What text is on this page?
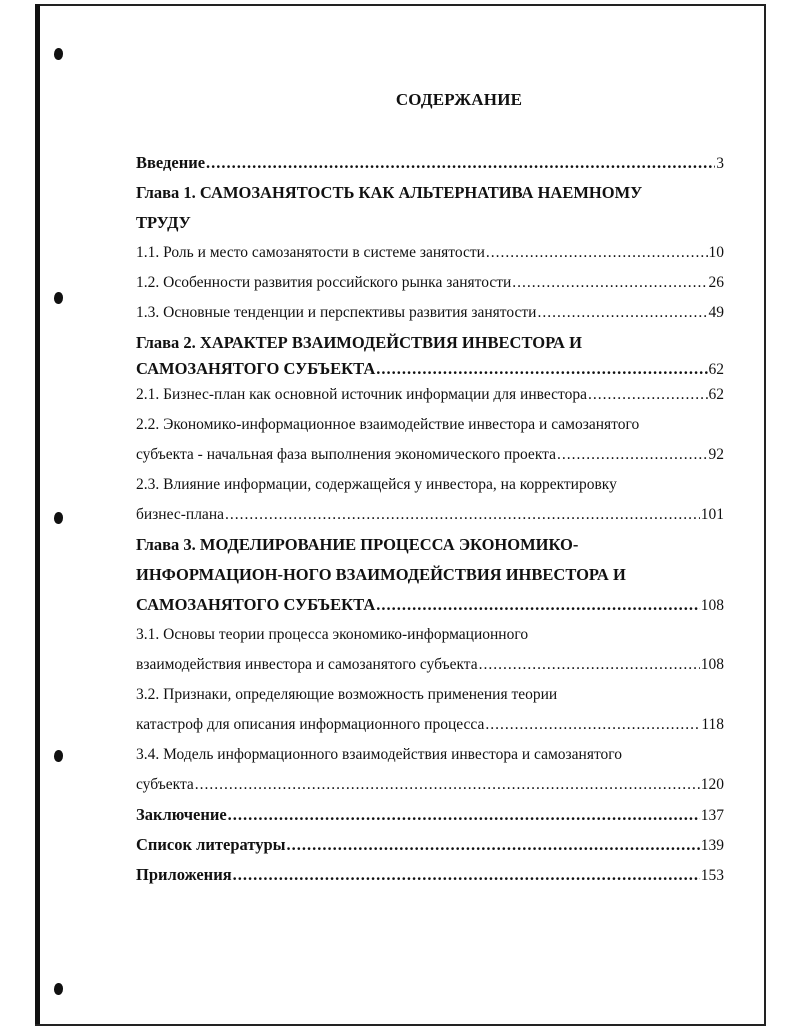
СОДЕРЖАНИЕ
Введение .....	3
Глава 1. САМОЗАНЯТОСТЬ КАК АЛЬТЕРНАТИВА НАЕМНОМУ
ТРУДУ
1.1. Роль и место самозанятости в системе занятости .....	10
1.2. Особенности развития российского рынка занятости .....	26
1.3. Основные тенденции и перспективы развития занятости .....	49
Глава 2. ХАРАКТЕР ВЗАИМОДЕЙСТВИЯ ИНВЕСТОРА И
САМОЗАНЯТОГО СУБЪЕКТА .....	62
2.1. Бизнес-план как основной источник информации для инвестора .....	62
2.2. Экономико-информационное взаимодействие инвестора и самозанятого
субъекта - начальная фаза выполнения экономического проекта .....	92
2.3. Влияние информации, содержащейся у инвестора, на корректировку
бизнес-плана .....	101
Глава 3. МОДЕЛИРОВАНИЕ ПРОЦЕССА ЭКОНОМИКО-
ИНФОРМАЦИОН-НОГО ВЗАИМОДЕЙСТВИЯ ИНВЕСТОРА И
САМОЗАНЯТОГО СУБЪЕКТА .....	108
3.1. Основы теории процесса экономико-информационного
взаимодействия инвестора и самозанятого субъекта .....	108
3.2. Признаки, определяющие возможность применения теории
катастроф для описания информационного процесса .....	118
3.4. Модель информационного взаимодействия инвестора и самозанятого
субъекта .....	120
Заключение .....	137
Список литературы .....	139
Приложения .....	153
